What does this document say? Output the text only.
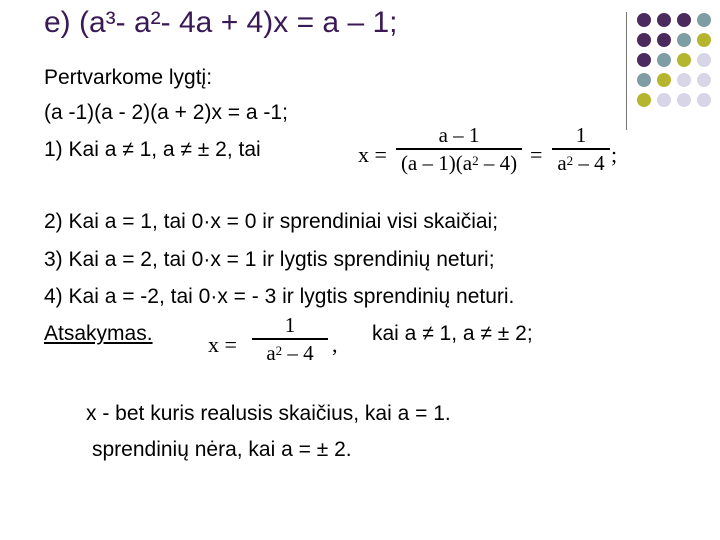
e) (a³- a²- 4a + 4)x = a – 1;
Pertvarkome lygtį:
(a -1)(a - 2)(a + 2)x = a -1;
1) Kai a ≠ 1, a ≠ ± 2, tai	x =
a – 1
$(a - 1)(a^2 - 4)$ =
1
$a^2 - 4$ ;
2) Kai a = 1, tai 0·x = 0 ir sprendiniai visi skaičiai;
3) Kai a = 2, tai 0·x = 1 ir lygtis sprendinių neturi;
4) Kai a = -2, tai 0·x = - 3 ir lygtis sprendinių neturi.
Atsakymas.	x =
1
$a^2 - 4$ , kai a ≠ 1, a ≠ ± 2;
x - bet kuris realusis skaičius, kai a = 1.
sprendinių nėra, kai a = ± 2.
